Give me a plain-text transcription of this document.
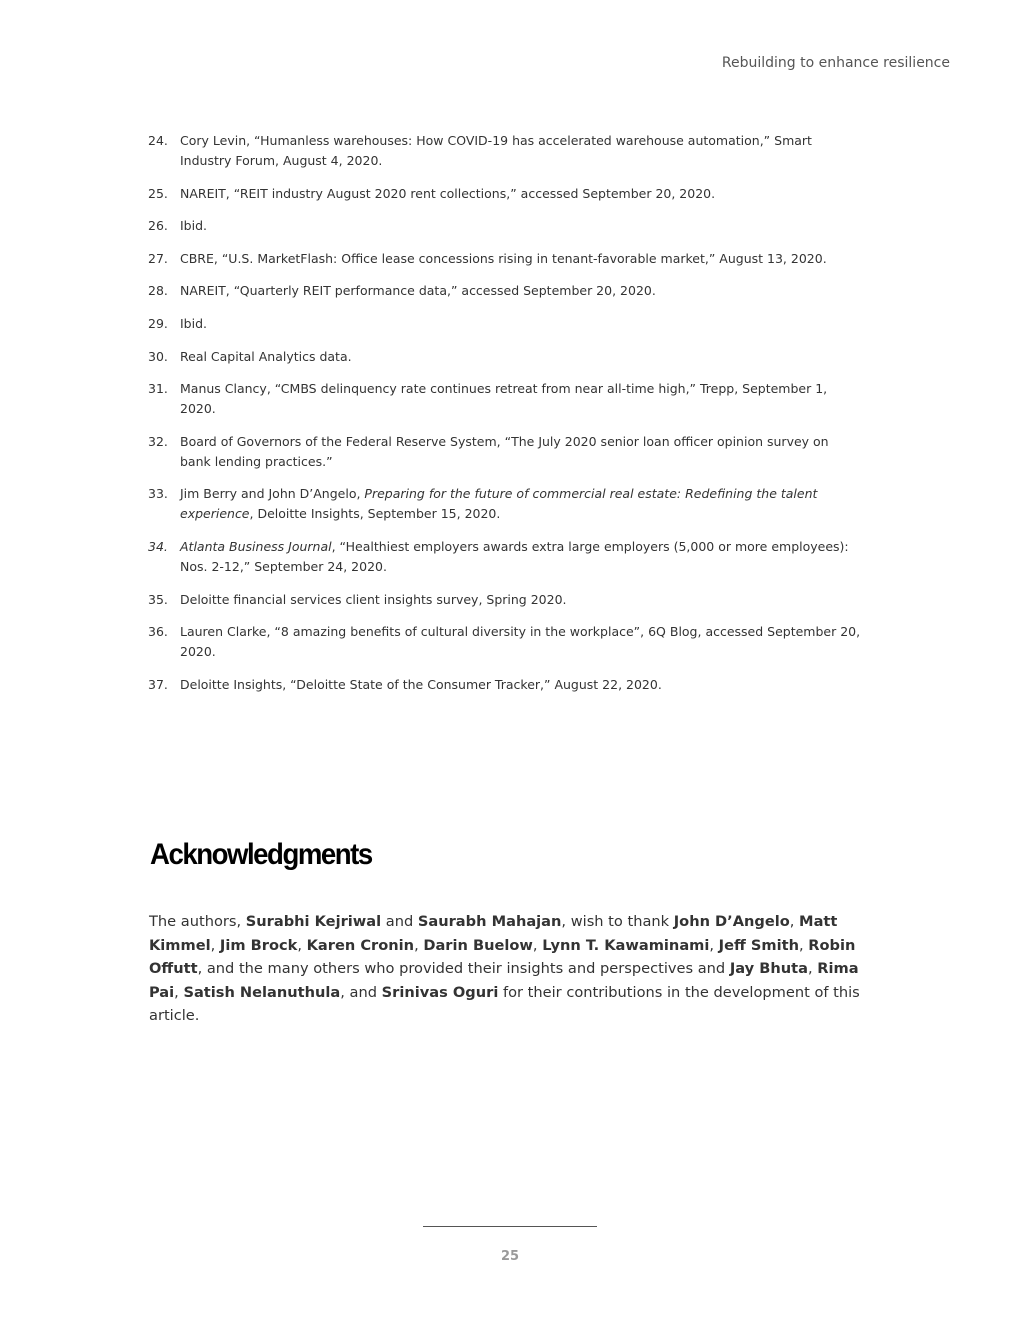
Rebuilding to enhance resilience
24. Cory Levin, “Humanless warehouses: How COVID-19 has accelerated warehouse automation,” Smart Industry Forum, August 4, 2020.
25. NAREIT, “REIT industry August 2020 rent collections,” accessed September 20, 2020.
26. Ibid.
27. CBRE, “U.S. MarketFlash: Office lease concessions rising in tenant-favorable market,” August 13, 2020.
28. NAREIT, “Quarterly REIT performance data,” accessed September 20, 2020.
29. Ibid.
30. Real Capital Analytics data.
31. Manus Clancy, “CMBS delinquency rate continues retreat from near all-time high,” Trepp, September 1, 2020.
32. Board of Governors of the Federal Reserve System, “The July 2020 senior loan officer opinion survey on bank lending practices.”
33. Jim Berry and John D’Angelo, Preparing for the future of commercial real estate: Redefining the talent experience, Deloitte Insights, September 15, 2020.
34. Atlanta Business Journal, “Healthiest employers awards extra large employers (5,000 or more employees): Nos. 2-12,” September 24, 2020.
35. Deloitte financial services client insights survey, Spring 2020.
36. Lauren Clarke, “8 amazing benefits of cultural diversity in the workplace”, 6Q Blog, accessed September 20, 2020.
37. Deloitte Insights, “Deloitte State of the Consumer Tracker,” August 22, 2020.
Acknowledgments

The authors, Surabhi Kejriwal and Saurabh Mahajan, wish to thank John D’Angelo, Matt Kimmel, Jim Brock, Karen Cronin, Darin Buelow, Lynn T. Kawaminami, Jeff Smith, Robin Offutt, and the many others who provided their insights and perspectives and Jay Bhuta, Rima Pai, Satish Nelanuthula, and Srinivas Oguri for their contributions in the development of this article.

25
